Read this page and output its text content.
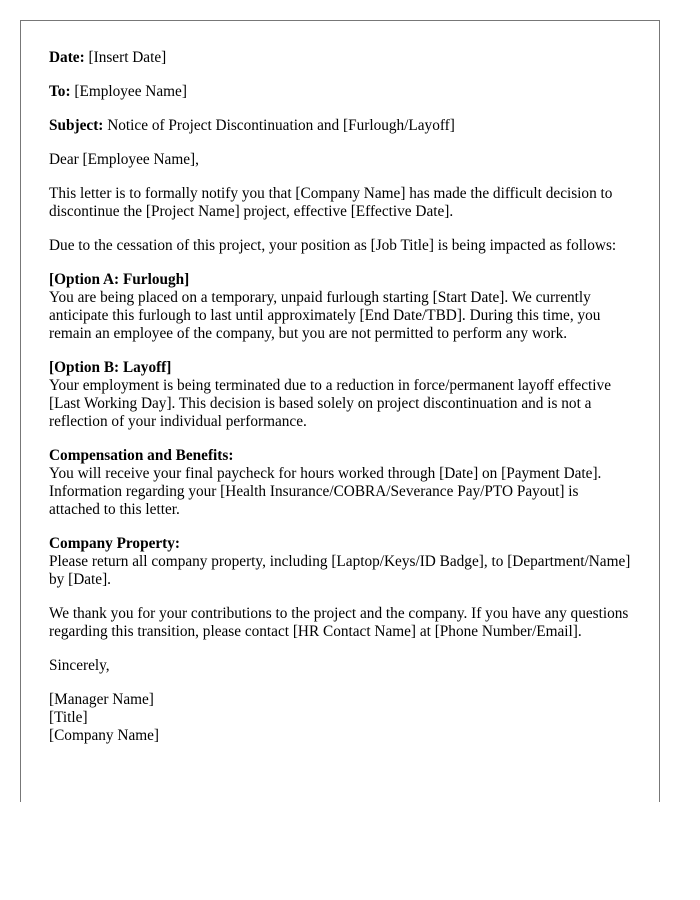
Date: [Insert Date]

To: [Employee Name]

Subject: Notice of Project Discontinuation and [Furlough/Layoff]

Dear [Employee Name],

This letter is to formally notify you that [Company Name] has made the difficult decision to discontinue the [Project Name] project, effective [Effective Date].

Due to the cessation of this project, your position as [Job Title] is being impacted as follows:

[Option A: Furlough]
You are being placed on a temporary, unpaid furlough starting [Start Date]. We currently anticipate this furlough to last until approximately [End Date/TBD]. During this time, you remain an employee of the company, but you are not permitted to perform any work.

[Option B: Layoff]
Your employment is being terminated due to a reduction in force/permanent layoff effective [Last Working Day]. This decision is based solely on project discontinuation and is not a reflection of your individual performance.

Compensation and Benefits:
You will receive your final paycheck for hours worked through [Date] on [Payment Date]. Information regarding your [Health Insurance/COBRA/Severance Pay/PTO Payout] is attached to this letter.

Company Property:
Please return all company property, including [Laptop/Keys/ID Badge], to [Department/Name] by [Date].

We thank you for your contributions to the project and the company. If you have any questions regarding this transition, please contact [HR Contact Name] at [Phone Number/Email].

Sincerely,

[Manager Name]
[Title]
[Company Name]
